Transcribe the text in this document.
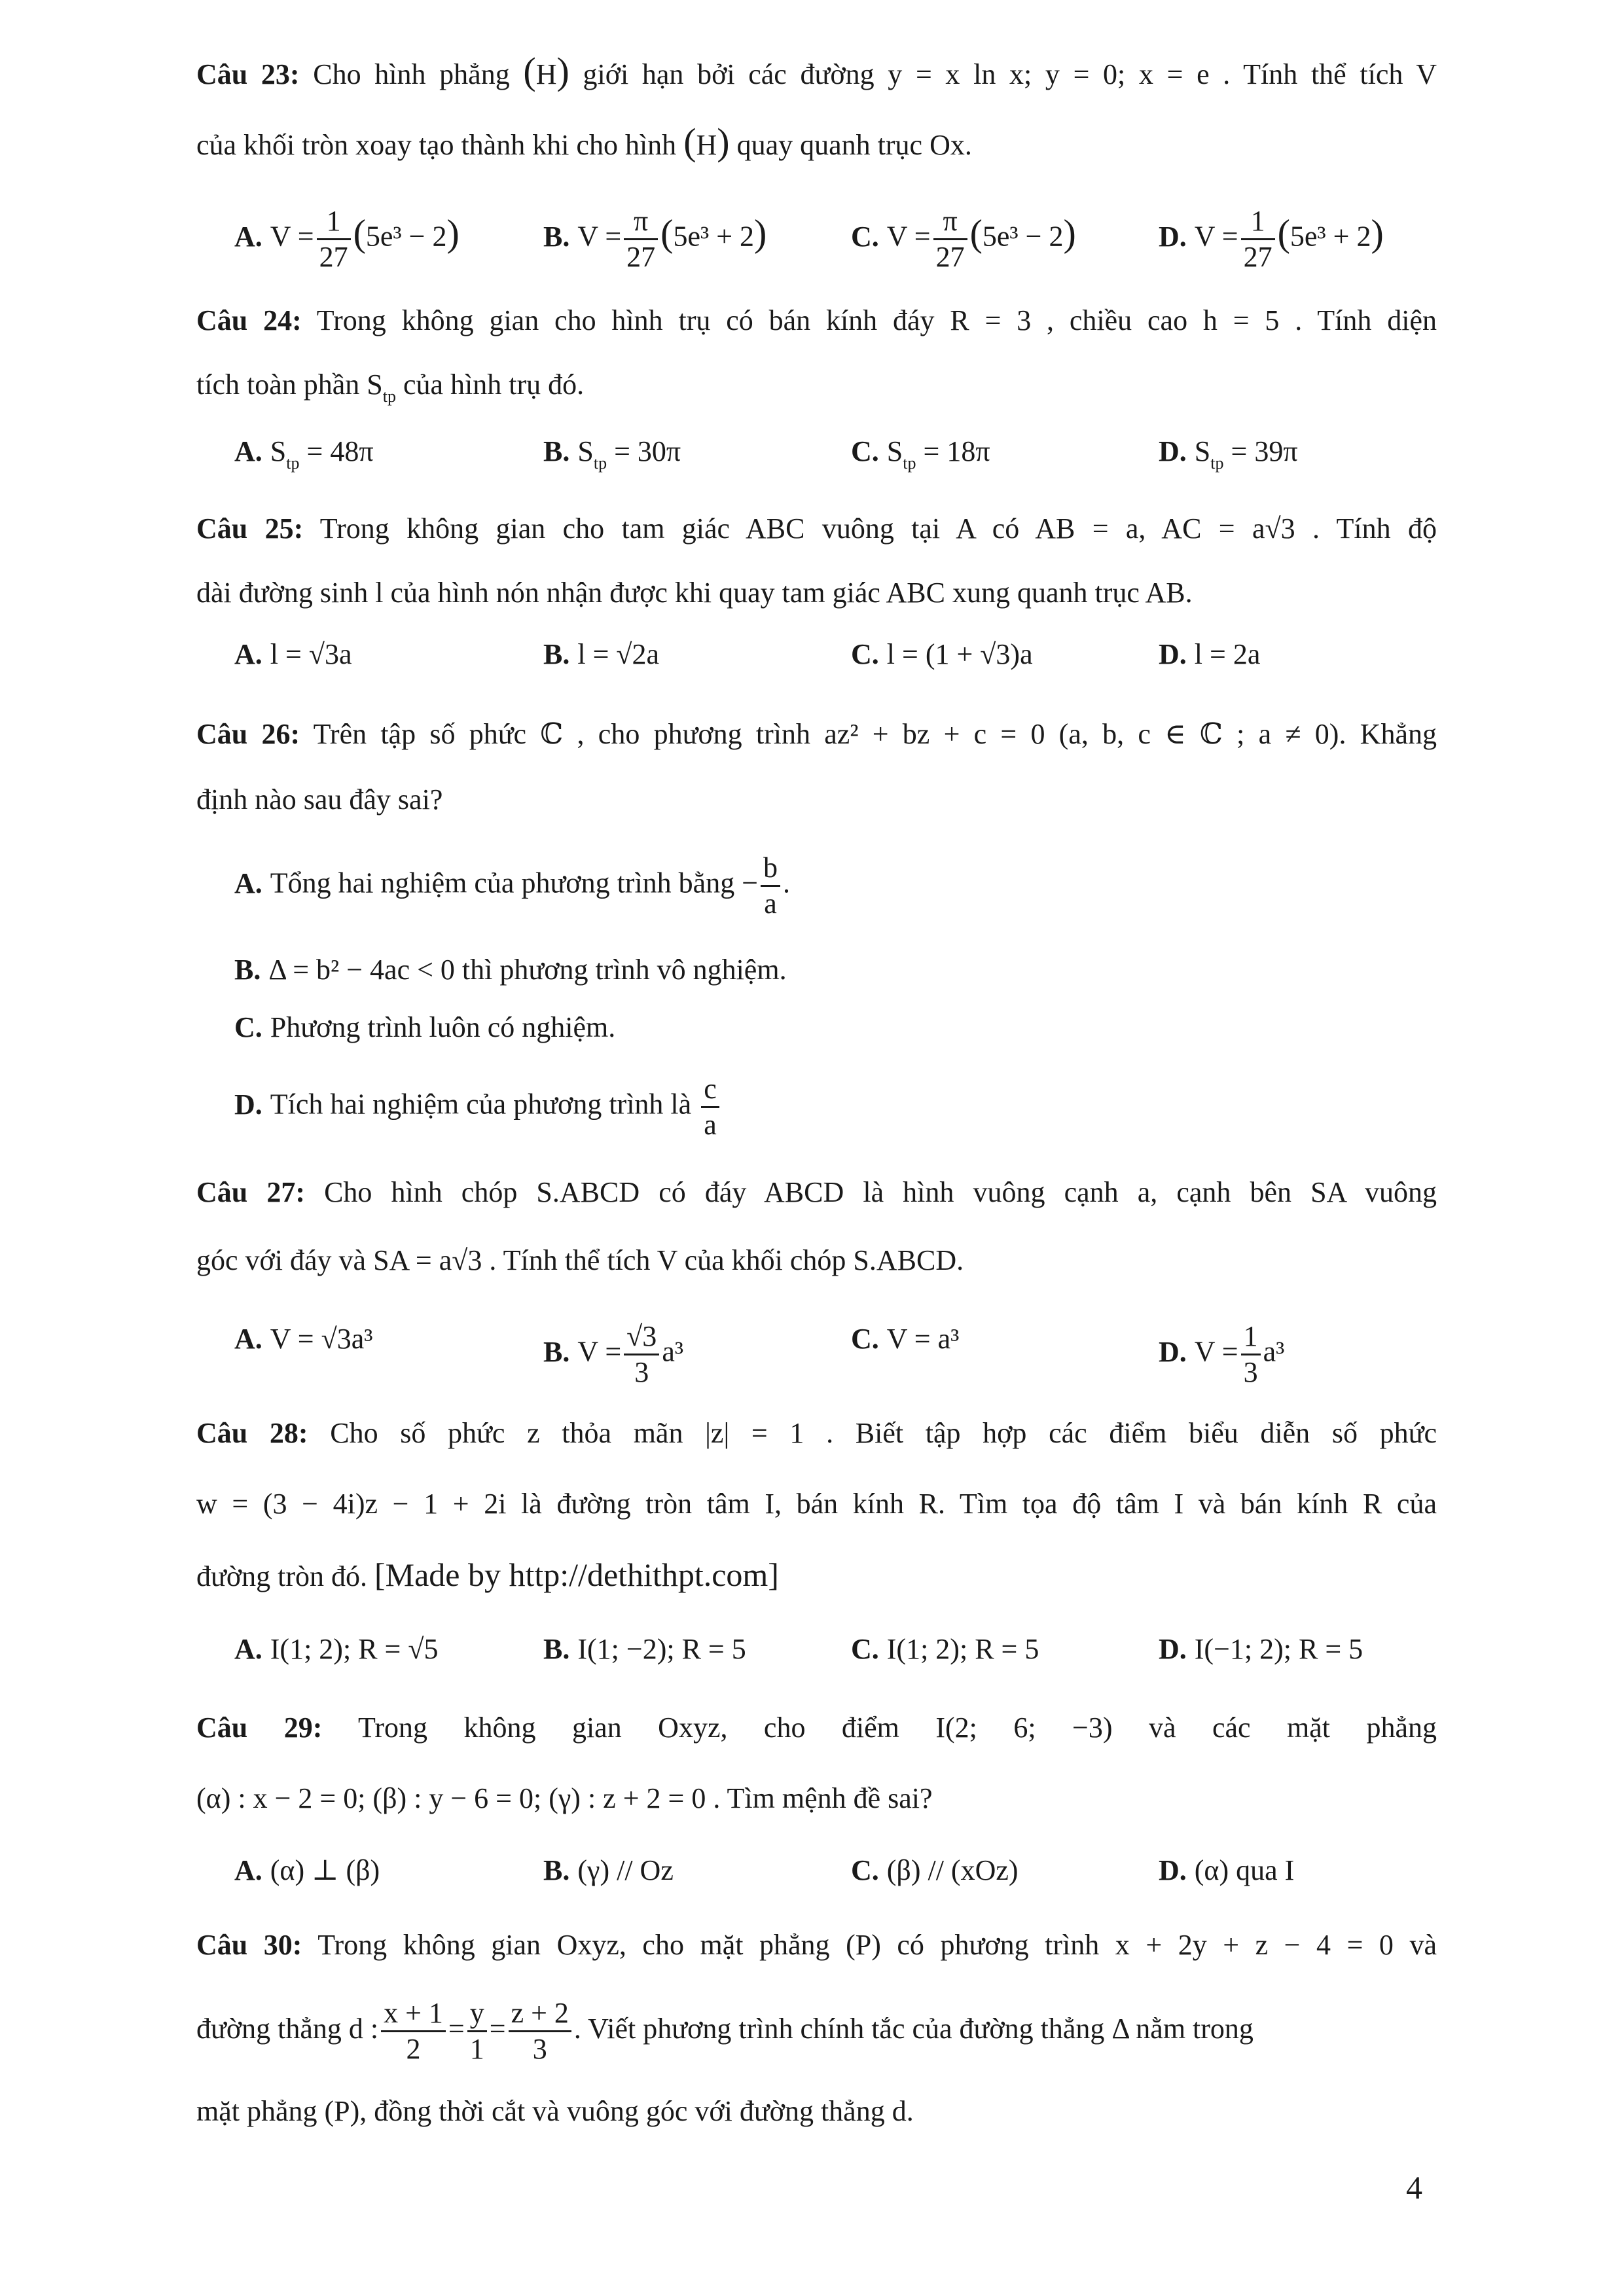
Câu 23: Cho hình phẳng (H) giới hạn bởi các đường y = x ln x; y = 0; x = e . Tính thể tích V
của khối tròn xoay tạo thành khi cho hình (H) quay quanh trục Ox.
A. $V = \frac{1}{27} (5e^3 - 2)$	B. $V = \frac{\pi}{27} (5e^3 + 2)$	C. $V = \frac{\pi}{27} (5e^3 - 2)$	D. $V = \frac{1}{27} (5e^3 + 2)$
Câu 24: Trong không gian cho hình trụ có bán kính đáy R = 3 , chiều cao h = 5 . Tính diện
tích toàn phần $S_{tp}$ của hình trụ đó.
A. $S_{tp} = 48\pi$	B. $S_{tp} = 30\pi$	C. $S_{tp} = 18\pi$	D. $S_{tp} = 39\pi$
Câu 25: Trong không gian cho tam giác ABC vuông tại A có AB = a, AC = a√3 . Tính độ
dài đường sinh l của hình nón nhận được khi quay tam giác ABC xung quanh trục AB.
A. l = √3a	B. l = √2a	C. l = (1 + √3)a	D. l = 2a
Câu 26: Trên tập số phức ℂ , cho phương trình az² + bz + c = 0 (a, b, c ∈ ℂ ; a ≠ 0). Khẳng
định nào sau đây sai?
A. Tổng hai nghiệm của phương trình bằng − $\frac{b}{a}$ .
B. Δ = b² − 4ac < 0 thì phương trình vô nghiệm.
C. Phương trình luôn có nghiệm.
D. Tích hai nghiệm của phương trình là $\frac{c}{a}$
Câu 27: Cho hình chóp S.ABCD có đáy ABCD là hình vuông cạnh a, cạnh bên SA vuông
góc với đáy và SA = a√3 . Tính thể tích V của khối chóp S.ABCD.
A. V = √3a³	B. $V = \frac{√3}{3} a^3$	C. V = a³	D. $V = \frac{1}{3} a^3$
Câu 28: Cho số phức z thỏa mãn |z| = 1 . Biết tập hợp các điểm biểu diễn số phức
w = (3 − 4i)z − 1 + 2i là đường tròn tâm I, bán kính R. Tìm tọa độ tâm I và bán kính R của
đường tròn đó. [Made by http://dethithpt.com]
A. I(1; 2); R = √5	B. I(1; −2); R = 5	C. I(1; 2); R = 5	D. I(−1; 2); R = 5
Câu 29: Trong không gian Oxyz, cho điểm I(2; 6; −3) và các mặt phẳng
(α) : x − 2 = 0; (β) : y − 6 = 0; (γ) : z + 2 = 0 . Tìm mệnh đề sai?
A. (α) ⊥ (β)	B. (γ) // Oz	C. (β) // (xOz)	D. (α) qua I
Câu 30: Trong không gian Oxyz, cho mặt phẳng (P) có phương trình x + 2y + z − 4 = 0 và
đường thẳng d : $\frac{x + 1}{2} = \frac{y}{1} = \frac{z + 2}{3}$ . Viết phương trình chính tắc của đường thẳng Δ nằm trong
mặt phẳng (P), đồng thời cắt và vuông góc với đường thẳng d.
4
